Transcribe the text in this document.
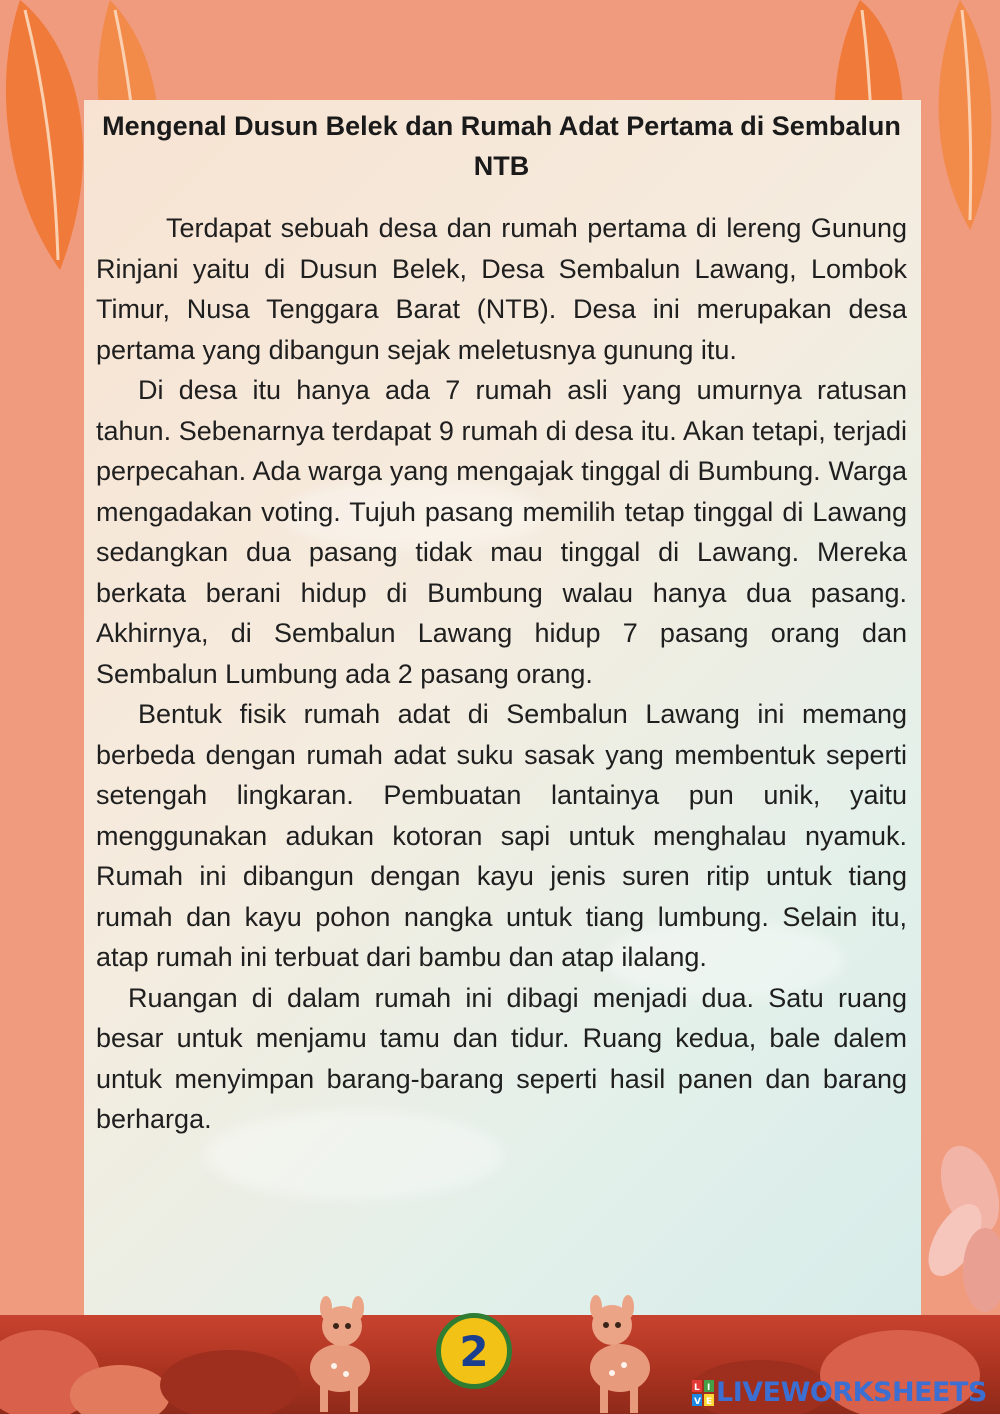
Mengenal Dusun Belek dan Rumah Adat Pertama di Sembalun NTB

Terdapat sebuah desa dan rumah pertama di lereng Gunung Rinjani yaitu di Dusun Belek, Desa Sembalun Lawang, Lombok Timur, Nusa Tenggara Barat (NTB). Desa ini merupakan desa pertama yang dibangun sejak meletusnya gunung itu.

Di desa itu hanya ada 7 rumah asli yang umurnya ratusan tahun. Sebenarnya terdapat 9 rumah di desa itu. Akan tetapi, terjadi perpecahan. Ada warga yang mengajak tinggal di Bumbung. Warga mengadakan voting. Tujuh pasang memilih tetap tinggal di Lawang sedangkan dua pasang tidak mau tinggal di Lawang. Mereka berkata berani hidup di Bumbung walau hanya dua pasang. Akhirnya, di Sembalun Lawang hidup 7 pasang orang dan Sembalun Lumbung ada 2 pasang orang.

Bentuk fisik rumah adat di Sembalun Lawang ini memang berbeda dengan rumah adat suku sasak yang membentuk seperti setengah lingkaran. Pembuatan lantainya pun unik, yaitu menggunakan adukan kotoran sapi untuk menghalau nyamuk. Rumah ini dibangun dengan kayu jenis suren ritip untuk tiang rumah dan kayu pohon nangka untuk tiang lumbung. Selain itu, atap rumah ini terbuat dari bambu dan atap ilalang.

Ruangan di dalam rumah ini dibagi menjadi dua. Satu ruang besar untuk menjamu tamu dan tidur. Ruang kedua, bale dalem untuk menyimpan barang-barang seperti hasil panen dan barang berharga.

2
L I
V E LIVEWORKSHEETS
